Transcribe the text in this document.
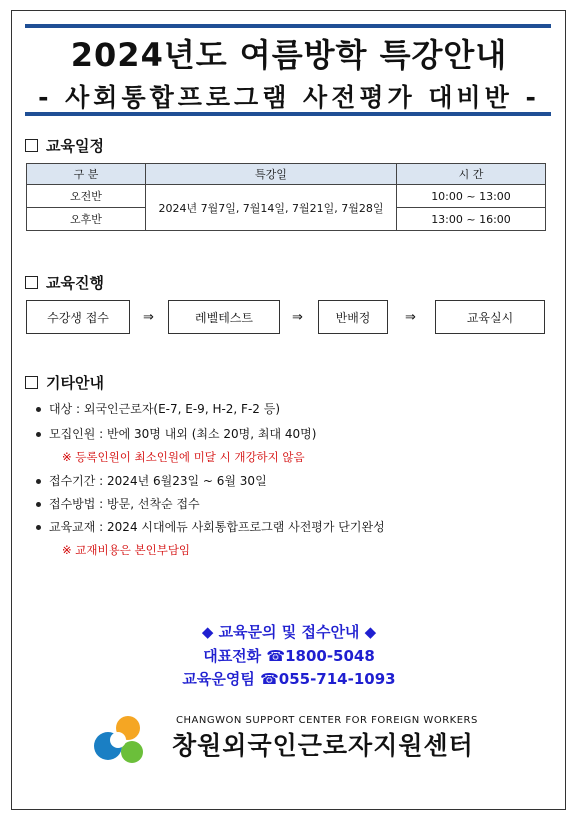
2024년도 여름방학 특강안내
- 사회통합프로그램 사전평가 대비반 -
교육일정
구 분	특강일	시 간
오전반	2024년 7월7일, 7월14일, 7월21일, 7월28일	10:00 ~ 13:00
오후반		13:00 ~ 16:00
교육진행
수강생 접수	⇒	레벨테스트	⇒	반배정	⇒	교육실시
기타안내
대상 : 외국인근로자(E-7, E-9, H-2, F-2 등)
모집인원 : 반에 30명 내외 (최소 20명, 최대 40명)
※ 등록인원이 최소인원에 미달 시 개강하지 않음
접수기간 : 2024년 6월23일 ~ 6월 30일
접수방법 : 방문, 선착순 접수
교육교재 : 2024 시대에듀 사회통합프로그램 사전평가 단기완성
※ 교재비용은 본인부담임
◆ 교육문의 및 접수안내 ◆
대표전화 ☎1800-5048
교육운영팀 ☎055-714-1093
CHANGWON SUPPORT CENTER FOR FOREIGN WORKERS
창원외국인근로자지원센터
